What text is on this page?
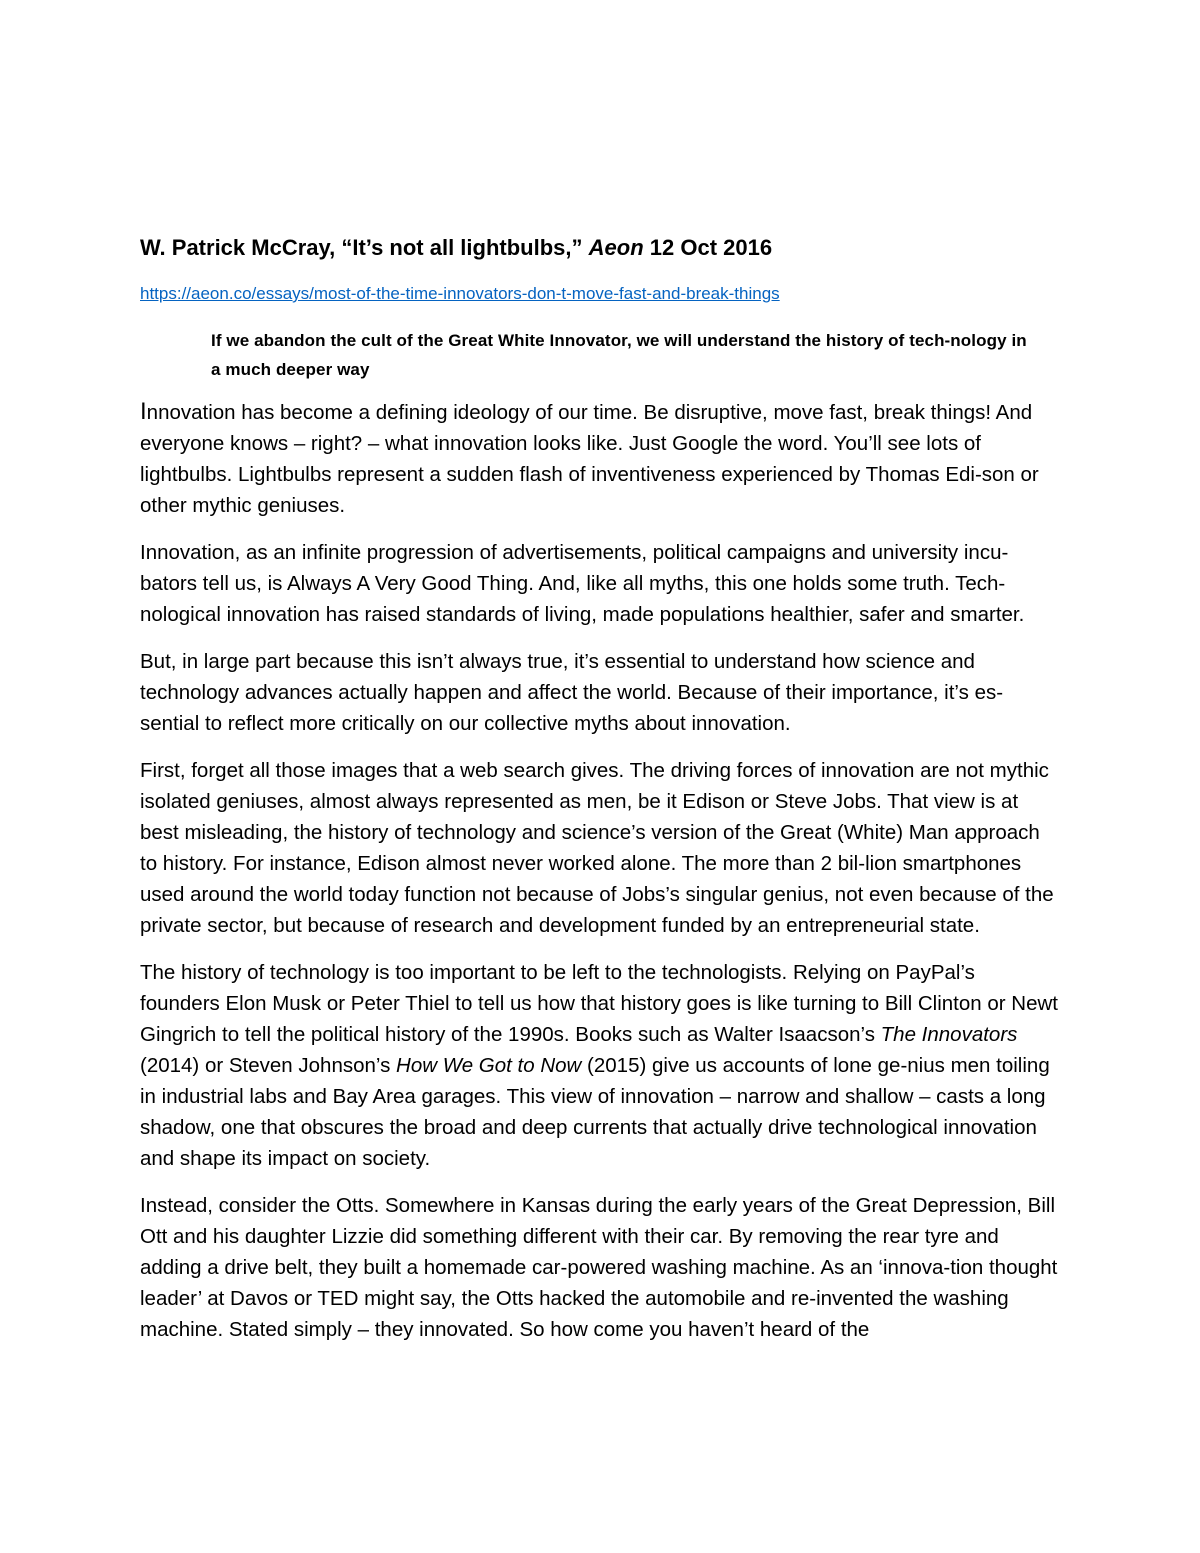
W. Patrick McCray, “It’s not all lightbulbs,” Aeon 12 Oct 2016
https://aeon.co/essays/most-of-the-time-innovators-don-t-move-fast-and-break-things
If we abandon the cult of the Great White Innovator, we will understand the history of tech-nology in a much deeper way

Innovation has become a defining ideology of our time. Be disruptive, move fast, break things! And everyone knows – right? – what innovation looks like. Just Google the word. You’ll see lots of lightbulbs. Lightbulbs represent a sudden flash of inventiveness experienced by Thomas Edi-son or other mythic geniuses.

Innovation, as an infinite progression of advertisements, political campaigns and university incu-bators tell us, is Always A Very Good Thing. And, like all myths, this one holds some truth. Tech-nological innovation has raised standards of living, made populations healthier, safer and smarter.

But, in large part because this isn’t always true, it’s essential to understand how science and technology advances actually happen and affect the world. Because of their importance, it’s es-sential to reflect more critically on our collective myths about innovation.

First, forget all those images that a web search gives. The driving forces of innovation are not mythic isolated geniuses, almost always represented as men, be it Edison or Steve Jobs. That view is at best misleading, the history of technology and science’s version of the Great (White) Man approach to history. For instance, Edison almost never worked alone. The more than 2 bil-lion smartphones used around the world today function not because of Jobs’s singular genius, not even because of the private sector, but because of research and development funded by an entrepreneurial state.

The history of technology is too important to be left to the technologists. Relying on PayPal’s founders Elon Musk or Peter Thiel to tell us how that history goes is like turning to Bill Clinton or Newt Gingrich to tell the political history of the 1990s. Books such as Walter Isaacson’s The Innovators (2014) or Steven Johnson’s How We Got to Now (2015) give us accounts of lone ge-nius men toiling in industrial labs and Bay Area garages. This view of innovation – narrow and shallow – casts a long shadow, one that obscures the broad and deep currents that actually drive technological innovation and shape its impact on society.

Instead, consider the Otts. Somewhere in Kansas during the early years of the Great Depression, Bill Ott and his daughter Lizzie did something different with their car. By removing the rear tyre and adding a drive belt, they built a homemade car-powered washing machine. As an ‘innova-tion thought leader’ at Davos or TED might say, the Otts hacked the automobile and re-invented the washing machine. Stated simply – they innovated. So how come you haven’t heard of the
